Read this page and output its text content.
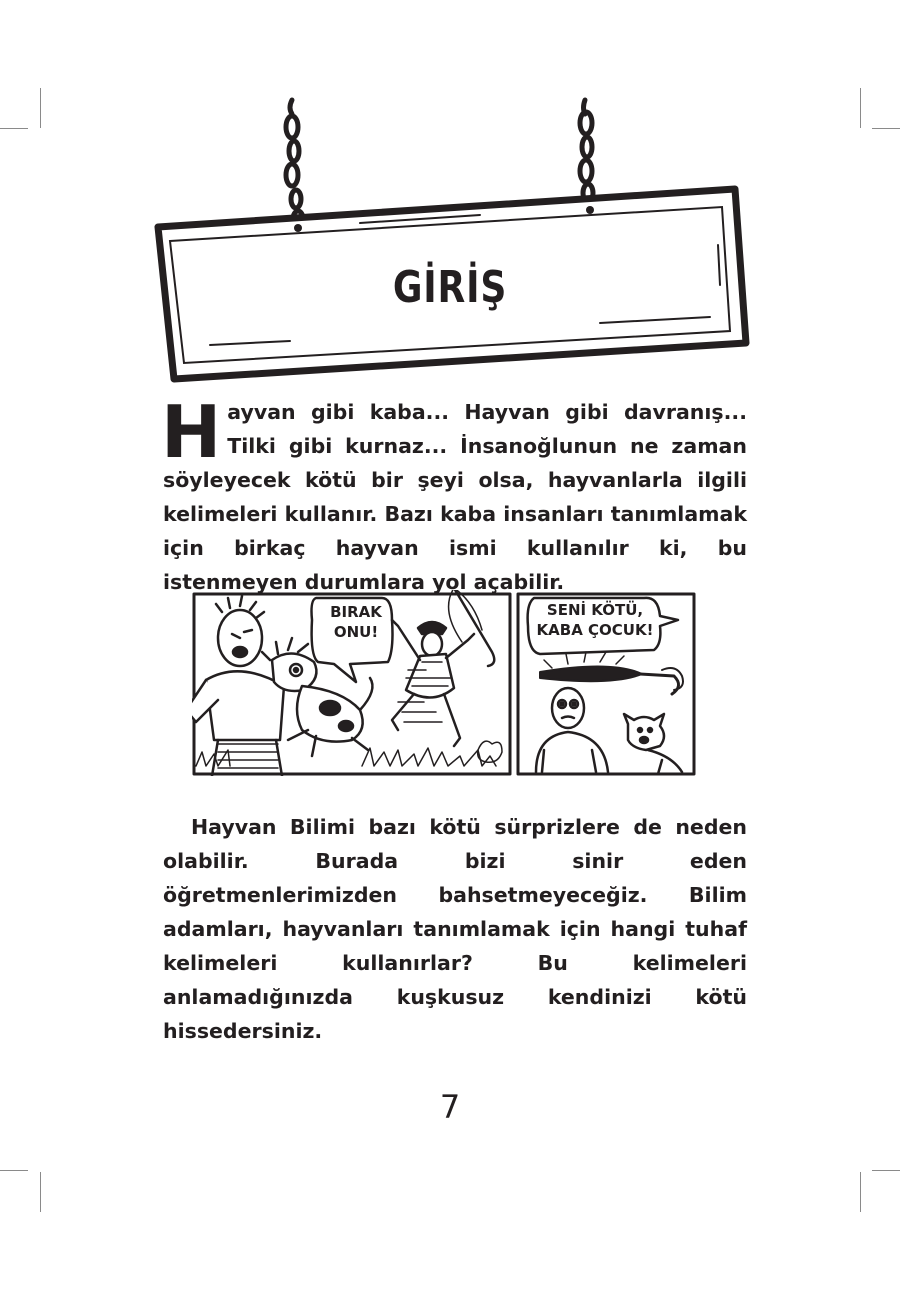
GİRİŞ
Hayvan gibi kaba... Hayvan gibi davranış... Tilki gibi kurnaz... İnsanoğlunun ne zaman söyleyecek kötü bir şeyi olsa, hayvanlarla ilgili kelimeleri kullanır. Bazı kaba insanları tanımlamak için birkaç hayvan ismi kullanılır ki, bu istenmeyen durumlara yol açabilir.
BIRAK ONU!
SENİ KÖTÜ, KABA ÇOCUK!
Hayvan Bilimi bazı kötü sürprizlere de neden olabilir. Burada bizi sinir eden öğretmenlerimizden bahsetmeyeceğiz. Bilim adamları, hayvanları tanımlamak için hangi tuhaf kelimeleri kullanırlar? Bu kelimeleri anlamadığınızda kuşkusuz kendinizi kötü hissedersiniz.
7
